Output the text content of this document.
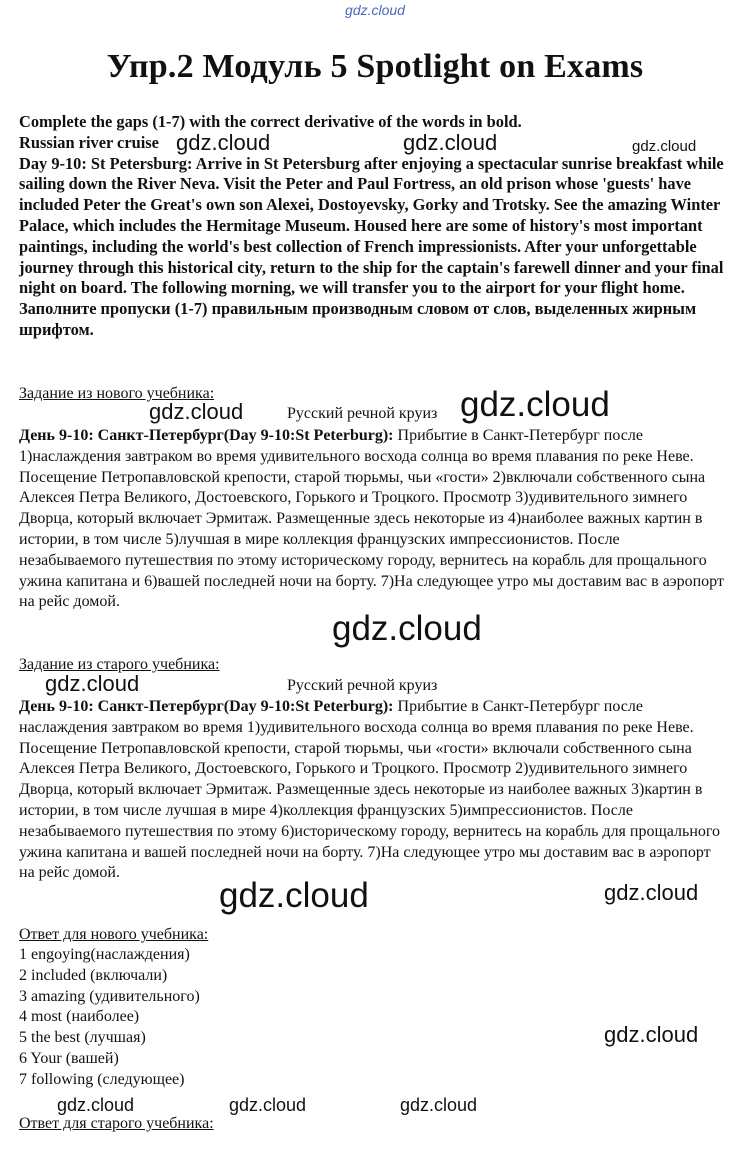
gdz.cloud
Упр.2 Модуль 5 Spotlight on Exams
Complete the gaps (1-7) with the correct derivative of the words in bold.
Russian river cruise
Day 9-10: St Petersburg: Arrive in St Petersburg after enjoying a spectacular sunrise breakfast while sailing down the River Neva. Visit the Peter and Paul Fortress, an old prison whose 'guests' have included Peter the Great's own son Alexei, Dostoyevsky, Gorky and Trotsky. See the amazing Winter
Palace, which includes the Hermitage Museum. Housed here are some of history's most important paintings, including the world's best collection of French impressionists. After your unforgettable journey through this historical city, return to the ship for the captain's farewell dinner and your final night on board. The following morning, we will transfer you to the airport for your flight home.
Заполните пропуски (1-7) правильным производным словом от слов, выделенных жирным шрифтом.
Задание из нового учебника:
Русский речной круиз
День 9-10: Санкт-Петербург(Day 9-10:St Peterburg): Прибытие в Санкт-Петербург после 1)наслаждения завтраком во время удивительного восхода солнца во время плавания по реке Неве. Посещение Петропавловской крепости, старой тюрьмы, чьи «гости» 2)включали собственного сына Алексея Петра Великого, Достоевского, Горького и Троцкого. Просмотр 3)удивительного зимнего Дворца, который включает Эрмитаж. Размещенные здесь некоторые из 4)наиболее важных картин в истории, в том числе 5)лучшая в мире коллекция французских импрессионистов. После незабываемого путешествия по этому историческому городу, вернитесь на корабль для прощального ужина капитана и 6)вашей последней ночи на борту. 7)На следующее утро мы доставим вас в аэропорт на рейс домой.
Задание из старого учебника:
Русский речной круиз
День 9-10: Санкт-Петербург(Day 9-10:St Peterburg): Прибытие в Санкт-Петербург после наслаждения завтраком во время 1)удивительного восхода солнца во время плавания по реке Неве. Посещение Петропавловской крепости, старой тюрьмы, чьи «гости» включали собственного сына Алексея Петра Великого, Достоевского, Горького и Троцкого. Просмотр 2)удивительного зимнего Дворца, который включает Эрмитаж. Размещенные здесь некоторые из наиболее важных 3)картин в истории, в том числе лучшая в мире 4)коллекция французских 5)импрессионистов. После незабываемого путешествия по этому 6)историческому городу, вернитесь на корабль для прощального ужина капитана и вашей последней ночи на борту. 7)На следующее утро мы доставим вас в аэропорт на рейс домой.
Ответ для нового учебника:
1 engoying(наслаждения)
2 included (включали)
3 amazing (удивительного)
4 most (наиболее)
5 the best (лучшая)
6 Your (вашей)
7 following (следующее)
Ответ для старого учебника:
gdz.cloud	gdz.cloud	gdz.cloud
gdz.cloud	gdz.cloud
gdz.cloud
gdz.cloud
gdz.cloud	gdz.cloud
gdz.cloud
gdz.cloud	gdz.cloud	gdz.cloud
